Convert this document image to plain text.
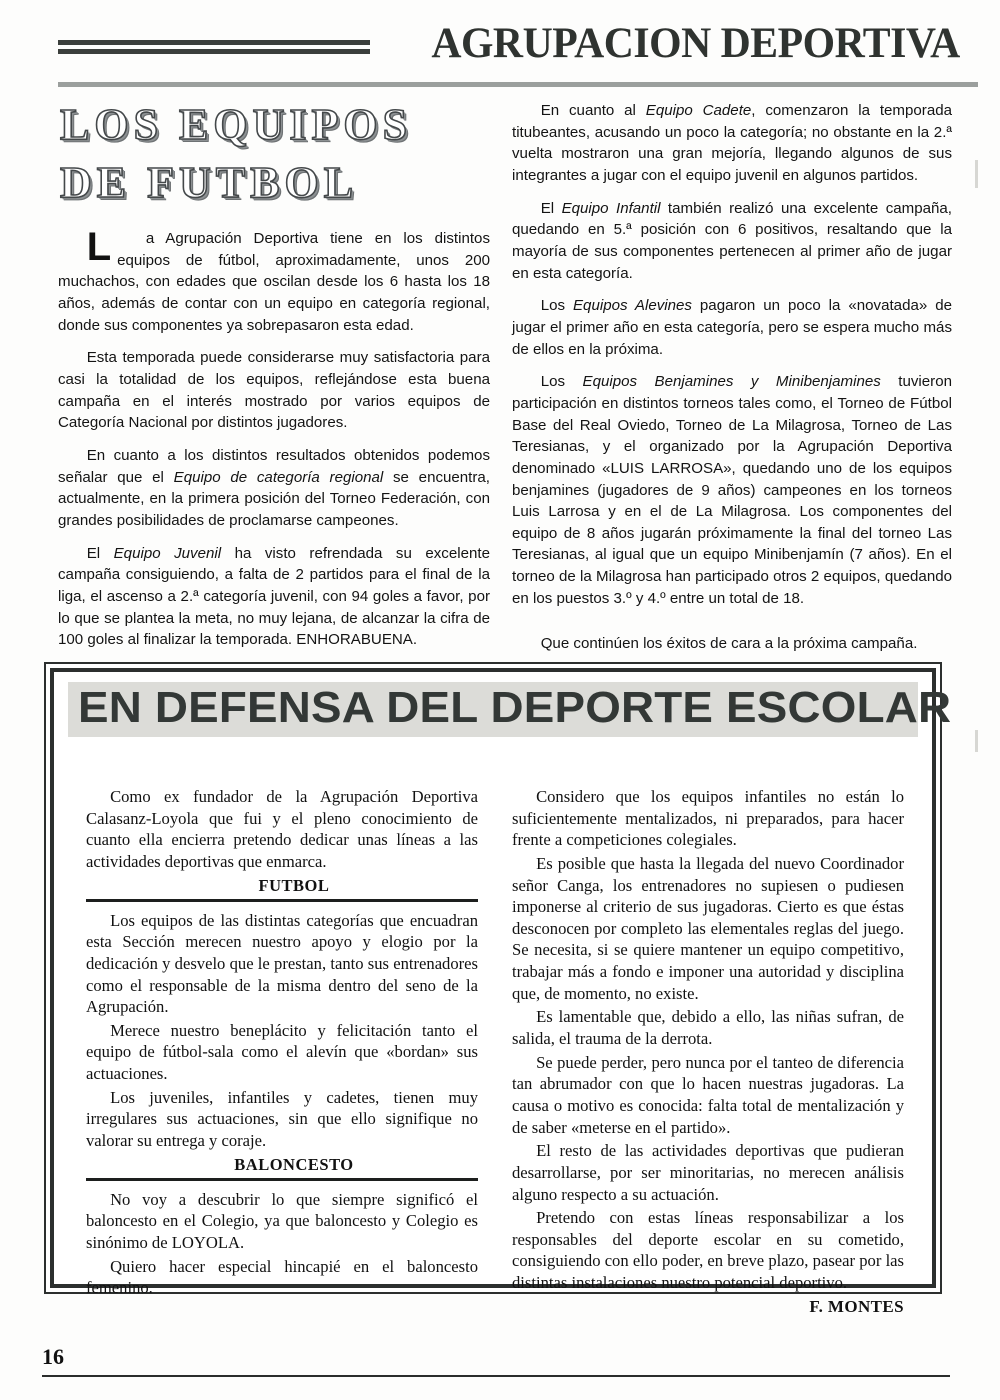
AGRUPACION DEPORTIVA
LOS EQUIPOS
DE FUTBOL

L a Agrupación Deportiva tiene en los distintos equipos de fútbol, aproximadamente, unos 200 muchachos, con edades que oscilan desde los 6 hasta los 18 años, además de contar con un equipo en categoría regional, donde sus componentes ya sobrepasaron esta edad.

Esta temporada puede considerarse muy satisfactoria para casi la totalidad de los equipos, reflejándose esta buena campaña en el interés mostrado por varios equipos de Categoría Nacional por distintos jugadores.

En cuanto a los distintos resultados obtenidos podemos señalar que el Equipo de categoría regional se encuentra, actualmente, en la primera posición del Torneo Federación, con grandes posibilidades de proclamarse campeones.

El Equipo Juvenil ha visto refrendada su excelente campaña consiguiendo, a falta de 2 partidos para el final de la liga, el ascenso a 2.ª categoría juvenil, con 94 goles a favor, por lo que se plantea la meta, no muy lejana, de alcanzar la cifra de 100 goles al finalizar la temporada. ENHORABUENA.

En cuanto al Equipo Cadete, comenzaron la temporada titubeantes, acusando un poco la categoría; no obstante en la 2.ª vuelta mostraron una gran mejoría, llegando algunos de sus integrantes a jugar con el equipo juvenil en algunos partidos.

El Equipo Infantil también realizó una excelente campaña, quedando en 5.ª posición con 6 positivos, resaltando que la mayoría de sus componentes pertenecen al primer año de jugar en esta categoría.

Los Equipos Alevines pagaron un poco la «novatada» de jugar el primer año en esta categoría, pero se espera mucho más de ellos en la próxima.

Los Equipos Benjamines y Minibenjamines tuvieron participación en distintos torneos tales como, el Torneo de Fútbol Base del Real Oviedo, Torneo de La Milagrosa, Torneo de Las Teresianas, y el organizado por la Agrupación Deportiva denominado «LUIS LARROSA», quedando uno de los equipos benjamines (jugadores de 9 años) campeones en los torneos Luis Larrosa y en el de La Milagrosa. Los componentes del equipo de 8 años jugarán próximamente la final del torneo Las Teresianas, al igual que un equipo Minibenjamín (7 años). En el torneo de la Milagrosa han participado otros 2 equipos, quedando en los puestos 3.º y 4.º entre un total de 18.

Que continúen los éxitos de cara a la próxima campaña.

EN DEFENSA DEL DEPORTE ESCOLAR

Como ex fundador de la Agrupación Deportiva Calasanz-Loyola que fui y el pleno conocimiento de cuanto ella encierra pretendo dedicar unas líneas a las actividades deportivas que enmarca.

FUTBOL

Los equipos de las distintas categorías que encuadran esta Sección merecen nuestro apoyo y elogio por la dedicación y desvelo que le prestan, tanto sus entrenadores como el responsable de la misma dentro del seno de la Agrupación.

Merece nuestro beneplácito y felicitación tanto el equipo de fútbol-sala como el alevín que «bordan» sus actuaciones.

Los juveniles, infantiles y cadetes, tienen muy irregulares sus actuaciones, sin que ello signifique no valorar su entrega y coraje.

BALONCESTO

No voy a descubrir lo que siempre significó el baloncesto en el Colegio, ya que baloncesto y Colegio es sinónimo de LOYOLA.

Quiero hacer especial hincapié en el baloncesto femenino.

Considero que los equipos infantiles no están lo suficientemente mentalizados, ni preparados, para hacer frente a competiciones colegiales.

Es posible que hasta la llegada del nuevo Coordinador señor Canga, los entrenadores no supiesen o pudiesen imponerse al criterio de sus jugadoras. Cierto es que éstas desconocen por completo las elementales reglas del juego. Se necesita, si se quiere mantener un equipo competitivo, trabajar más a fondo e imponer una autoridad y disciplina que, de momento, no existe.

Es lamentable que, debido a ello, las niñas sufran, de salida, el trauma de la derrota.

Se puede perder, pero nunca por el tanteo de diferencia tan abrumador con que lo hacen nuestras jugadoras. La causa o motivo es conocida: falta total de mentalización y de saber «meterse en el partido».

El resto de las actividades deportivas que pudieran desarrollarse, por ser minoritarias, no merecen análisis alguno respecto a su actuación.

Pretendo con estas líneas responsabilizar a los responsables del deporte escolar en su cometido, consiguiendo con ello poder, en breve plazo, pasear por las distintas instalaciones nuestro potencial deportivo.

F. MONTES

16
